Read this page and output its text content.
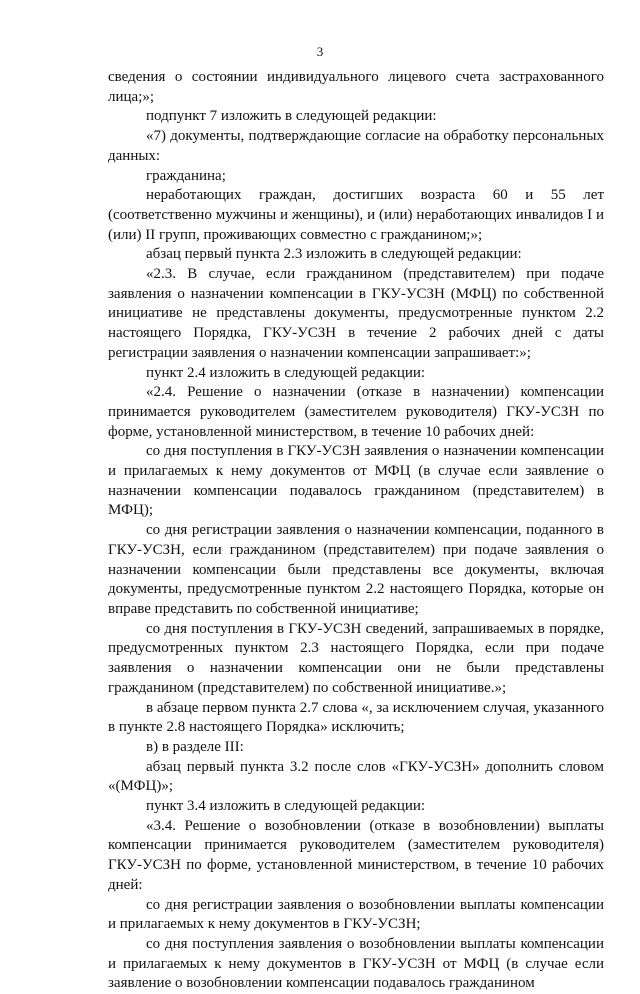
3

сведения о состоянии индивидуального лицевого счета застрахованного лица;»;

подпункт 7 изложить в следующей редакции:

«7) документы, подтверждающие согласие на обработку персональных данных:

гражданина;

неработающих граждан, достигших возраста 60 и 55 лет (соответственно мужчины и женщины), и (или) неработающих инвалидов I и (или) II групп, проживающих совместно с гражданином;»;

абзац первый пункта 2.3 изложить в следующей редакции:

«2.3. В случае, если гражданином (представителем) при подаче заявления о назначении компенсации в ГКУ-УСЗН (МФЦ) по собственной инициативе не представлены документы, предусмотренные пунктом 2.2 настоящего Порядка, ГКУ-УСЗН в течение 2 рабочих дней с даты регистрации заявления о назначении компенсации запрашивает:»;

пункт 2.4 изложить в следующей редакции:

«2.4. Решение о назначении (отказе в назначении) компенсации принимается руководителем (заместителем руководителя) ГКУ-УСЗН по форме, установленной министерством, в течение 10 рабочих дней:

со дня поступления в ГКУ-УСЗН заявления о назначении компенсации и прилагаемых к нему документов от МФЦ (в случае если заявление о назначении компенсации подавалось гражданином (представителем) в МФЦ);

со дня регистрации заявления о назначении компенсации, поданного в ГКУ-УСЗН, если гражданином (представителем) при подаче заявления о назначении компенсации были представлены все документы, включая документы, предусмотренные пунктом 2.2 настоящего Порядка, которые он вправе представить по собственной инициативе;

со дня поступления в ГКУ-УСЗН сведений, запрашиваемых в порядке, предусмотренных пунктом 2.3 настоящего Порядка, если при подаче заявления о назначении компенсации они не были представлены гражданином (представителем) по собственной инициативе.»;

в абзаце первом пункта 2.7 слова «, за исключением случая, указанного в пункте 2.8 настоящего Порядка» исключить;

в) в разделе III:

абзац первый пункта 3.2 после слов «ГКУ-УСЗН» дополнить словом «(МФЦ)»;

пункт 3.4 изложить в следующей редакции:

«3.4. Решение о возобновлении (отказе в возобновлении) выплаты компенсации принимается руководителем (заместителем руководителя) ГКУ-УСЗН по форме, установленной министерством, в течение 10 рабочих дней:

со дня регистрации заявления о возобновлении выплаты компенсации и прилагаемых к нему документов в ГКУ-УСЗН;

со дня поступления заявления о возобновлении выплаты компенсации и прилагаемых к нему документов в ГКУ-УСЗН от МФЦ (в случае если заявление о возобновлении компенсации подавалось гражданином
